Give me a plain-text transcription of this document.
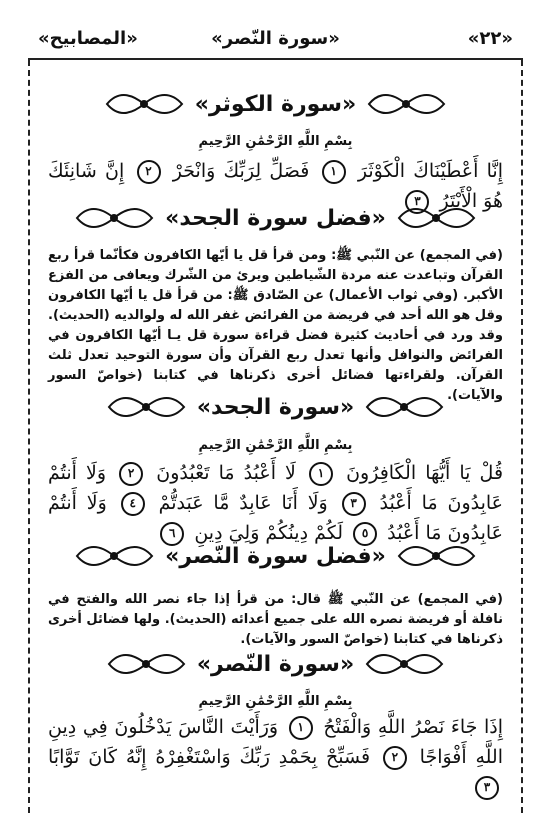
«٢٢»
«سورة النّصر»
«المصابيح»
«سورة الكوثر»
بِسْمِ اللَّهِ الرَّحْمَٰنِ الرَّحِيمِ
إِنَّا أَعْطَيْنَاكَ الْكَوْثَرَ ١ فَصَلِّ لِرَبِّكَ وَانْحَرْ ٢ إِنَّ شَانِئَكَ هُوَ الْأَبْتَرُ ٣
«فضل سورة الجحد»
(في المجمع) عن النّبي ﷺ: ومن قرأ قل يا أيّها الكافرون فكأنّما قرأ ربع القرآن وتباعدت عنه مردة الشّياطين ويرئ من الشّرك ويعافى من الفزع الأكبر. (وفي ثواب الأعمال) عن الصّادق ﷺ: من قرأ قل يا أيّها الكافرون وقل هو الله أحد في فريضة من الفرائض غفر الله له ولوالديه (الحديث). وقد ورد في أحاديث كثيرة فضل قراءة سورة قل يـا أيّها الكافرون في الفرائض والنوافل وأنها تعدل ربع القرآن وأن سورة التوحيد تعدل ثلث القرآن. ولقراءتها فضائل أخرى ذكرناها في كتابنا (خواصّ السور والآيات).
«سورة الجحد»
بِسْمِ اللَّهِ الرَّحْمَٰنِ الرَّحِيمِ
قُلْ يَا أَيُّهَا الْكَافِرُونَ ١ لَا أَعْبُدُ مَا تَعْبُدُونَ ٢ وَلَا أَنتُمْ عَابِدُونَ مَا أَعْبُدُ ٣ وَلَا أَنَا عَابِدٌ مَّا عَبَدتُّمْ ٤ وَلَا أَنتُمْ عَابِدُونَ مَا أَعْبُدُ ٥ لَكُمْ دِينُكُمْ وَلِيَ دِينِ ٦
«فضل سورة النّصر»
(في المجمع) عن النّبي ﷺ قال: من قرأ إذا جاء نصر الله والفتح في نافلة أو فريضة نصره الله على جميع أعدائه (الحديث). ولها فضائل أخرى ذكرناها في كتابنا (خواصّ السور والآيات).
«سورة النّصر»
بِسْمِ اللَّهِ الرَّحْمَٰنِ الرَّحِيمِ
إِذَا جَاءَ نَصْرُ اللَّهِ وَالْفَتْحُ ١ وَرَأَيْتَ النَّاسَ يَدْخُلُونَ فِي دِينِ اللَّهِ أَفْوَاجًا ٢ فَسَبِّحْ بِحَمْدِ رَبِّكَ وَاسْتَغْفِرْهُ إِنَّهُ كَانَ تَوَّابًا ٣
